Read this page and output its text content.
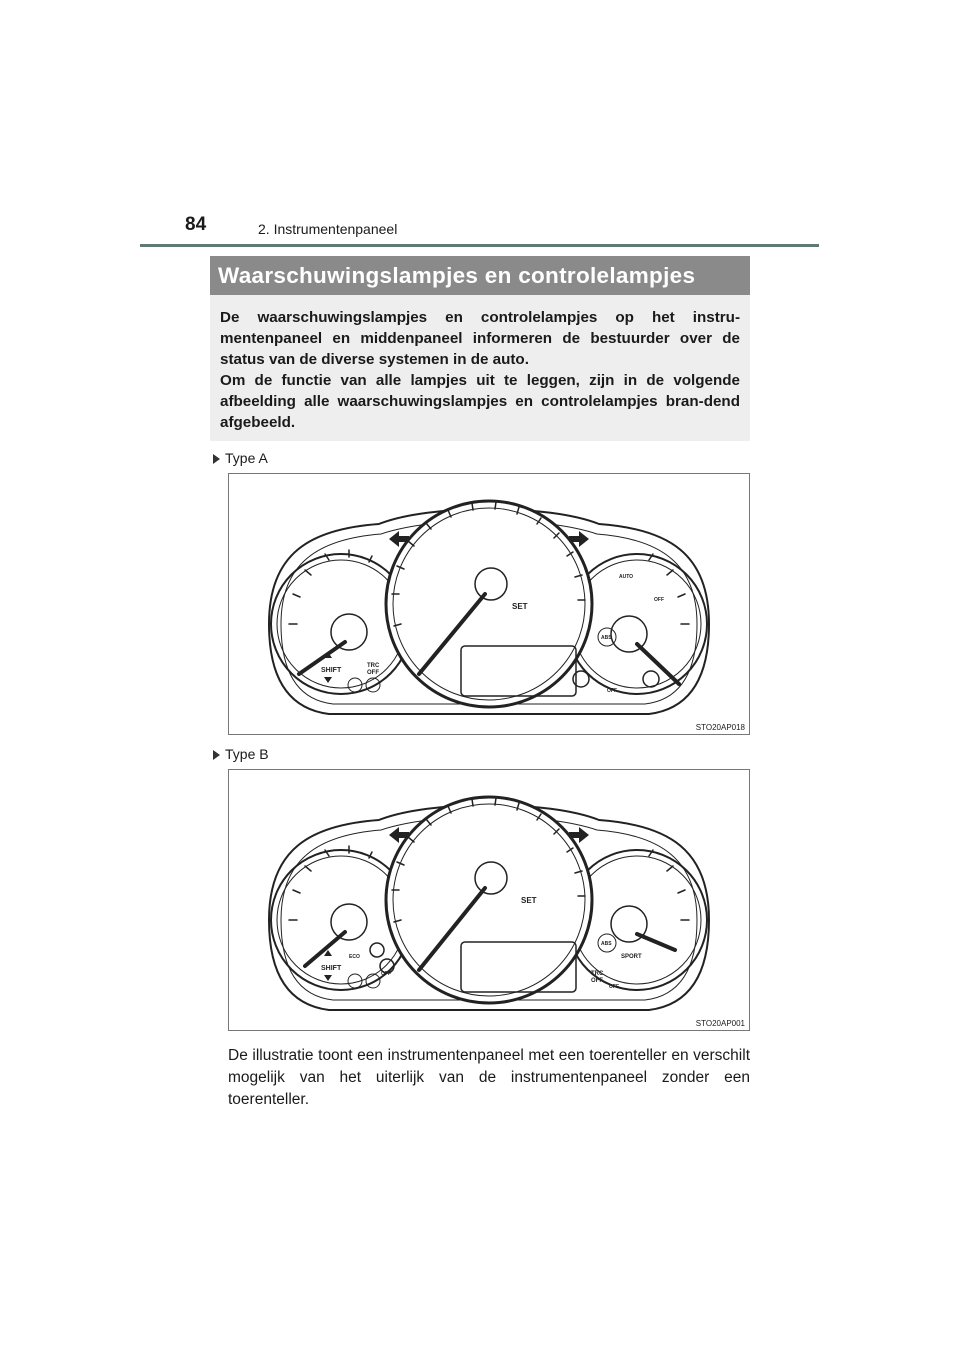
84	2. Instrumentenpaneel
Waarschuwingslampjes en controlelampjes

De waarschuwingslampjes en controlelampjes op het instru-mentenpaneel en middenpaneel informeren de bestuurder over de status van de diverse systemen in de auto.

Om de functie van alle lampjes uit te leggen, zijn in de volgende afbeelding alle waarschuwingslampjes en controlelampjes bran-dend afgebeeld.

Type A
SET
SHIFT
TRC
OFF
AUTO
OFF
OFF
ABS
STO20AP018
Type B
SET
SHIFT
ECO
OFF
ABS
SPORT
TRC
OFF
OFF
STO20AP001
De illustratie toont een instrumentenpaneel met een toerenteller en verschilt mogelijk van het uiterlijk van de instrumentenpaneel zonder een toerenteller.
